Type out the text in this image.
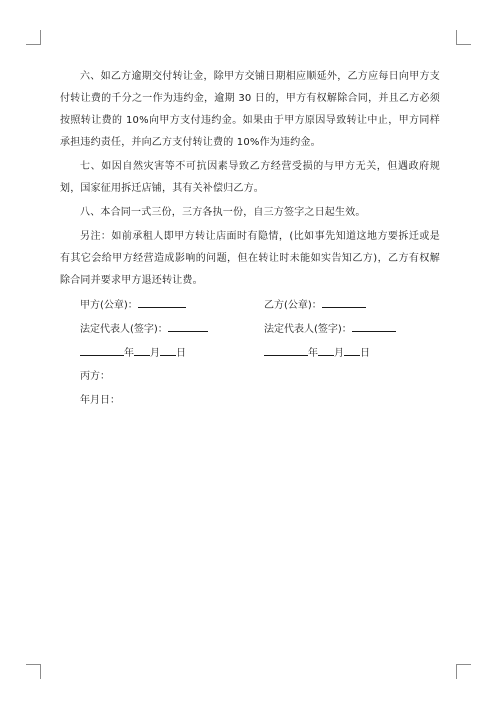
六、如乙方逾期交付转让金，除甲方交铺日期相应顺延外，乙方应每日向甲方支付转让费的千分之一作为违约金，逾期 30 日的，甲方有权解除合同，并且乙方必须按照转让费的 10%向甲方支付违约金。如果由于甲方原因导致转让中止，甲方同样承担违约责任，并向乙方支付转让费的 10%作为违约金。

七、如因自然灾害等不可抗因素导致乙方经营受损的与甲方无关，但遇政府规划，国家征用拆迁店铺，其有关补偿归乙方。

八、本合同一式三份，三方各执一份，自三方签字之日起生效。

另注：如前承租人即甲方转让店面时有隐情，(比如事先知道这地方要拆迁或是有其它会给甲方经营造成影响的问题，但在转让时未能如实告知乙方)，乙方有权解除合同并要求甲方退还转让费。

甲方(公章)：	乙方(公章)：
法定代表人(签字)：	法定代表人(签字)：
年 月 日	年 月 日
丙方：
年月日：
